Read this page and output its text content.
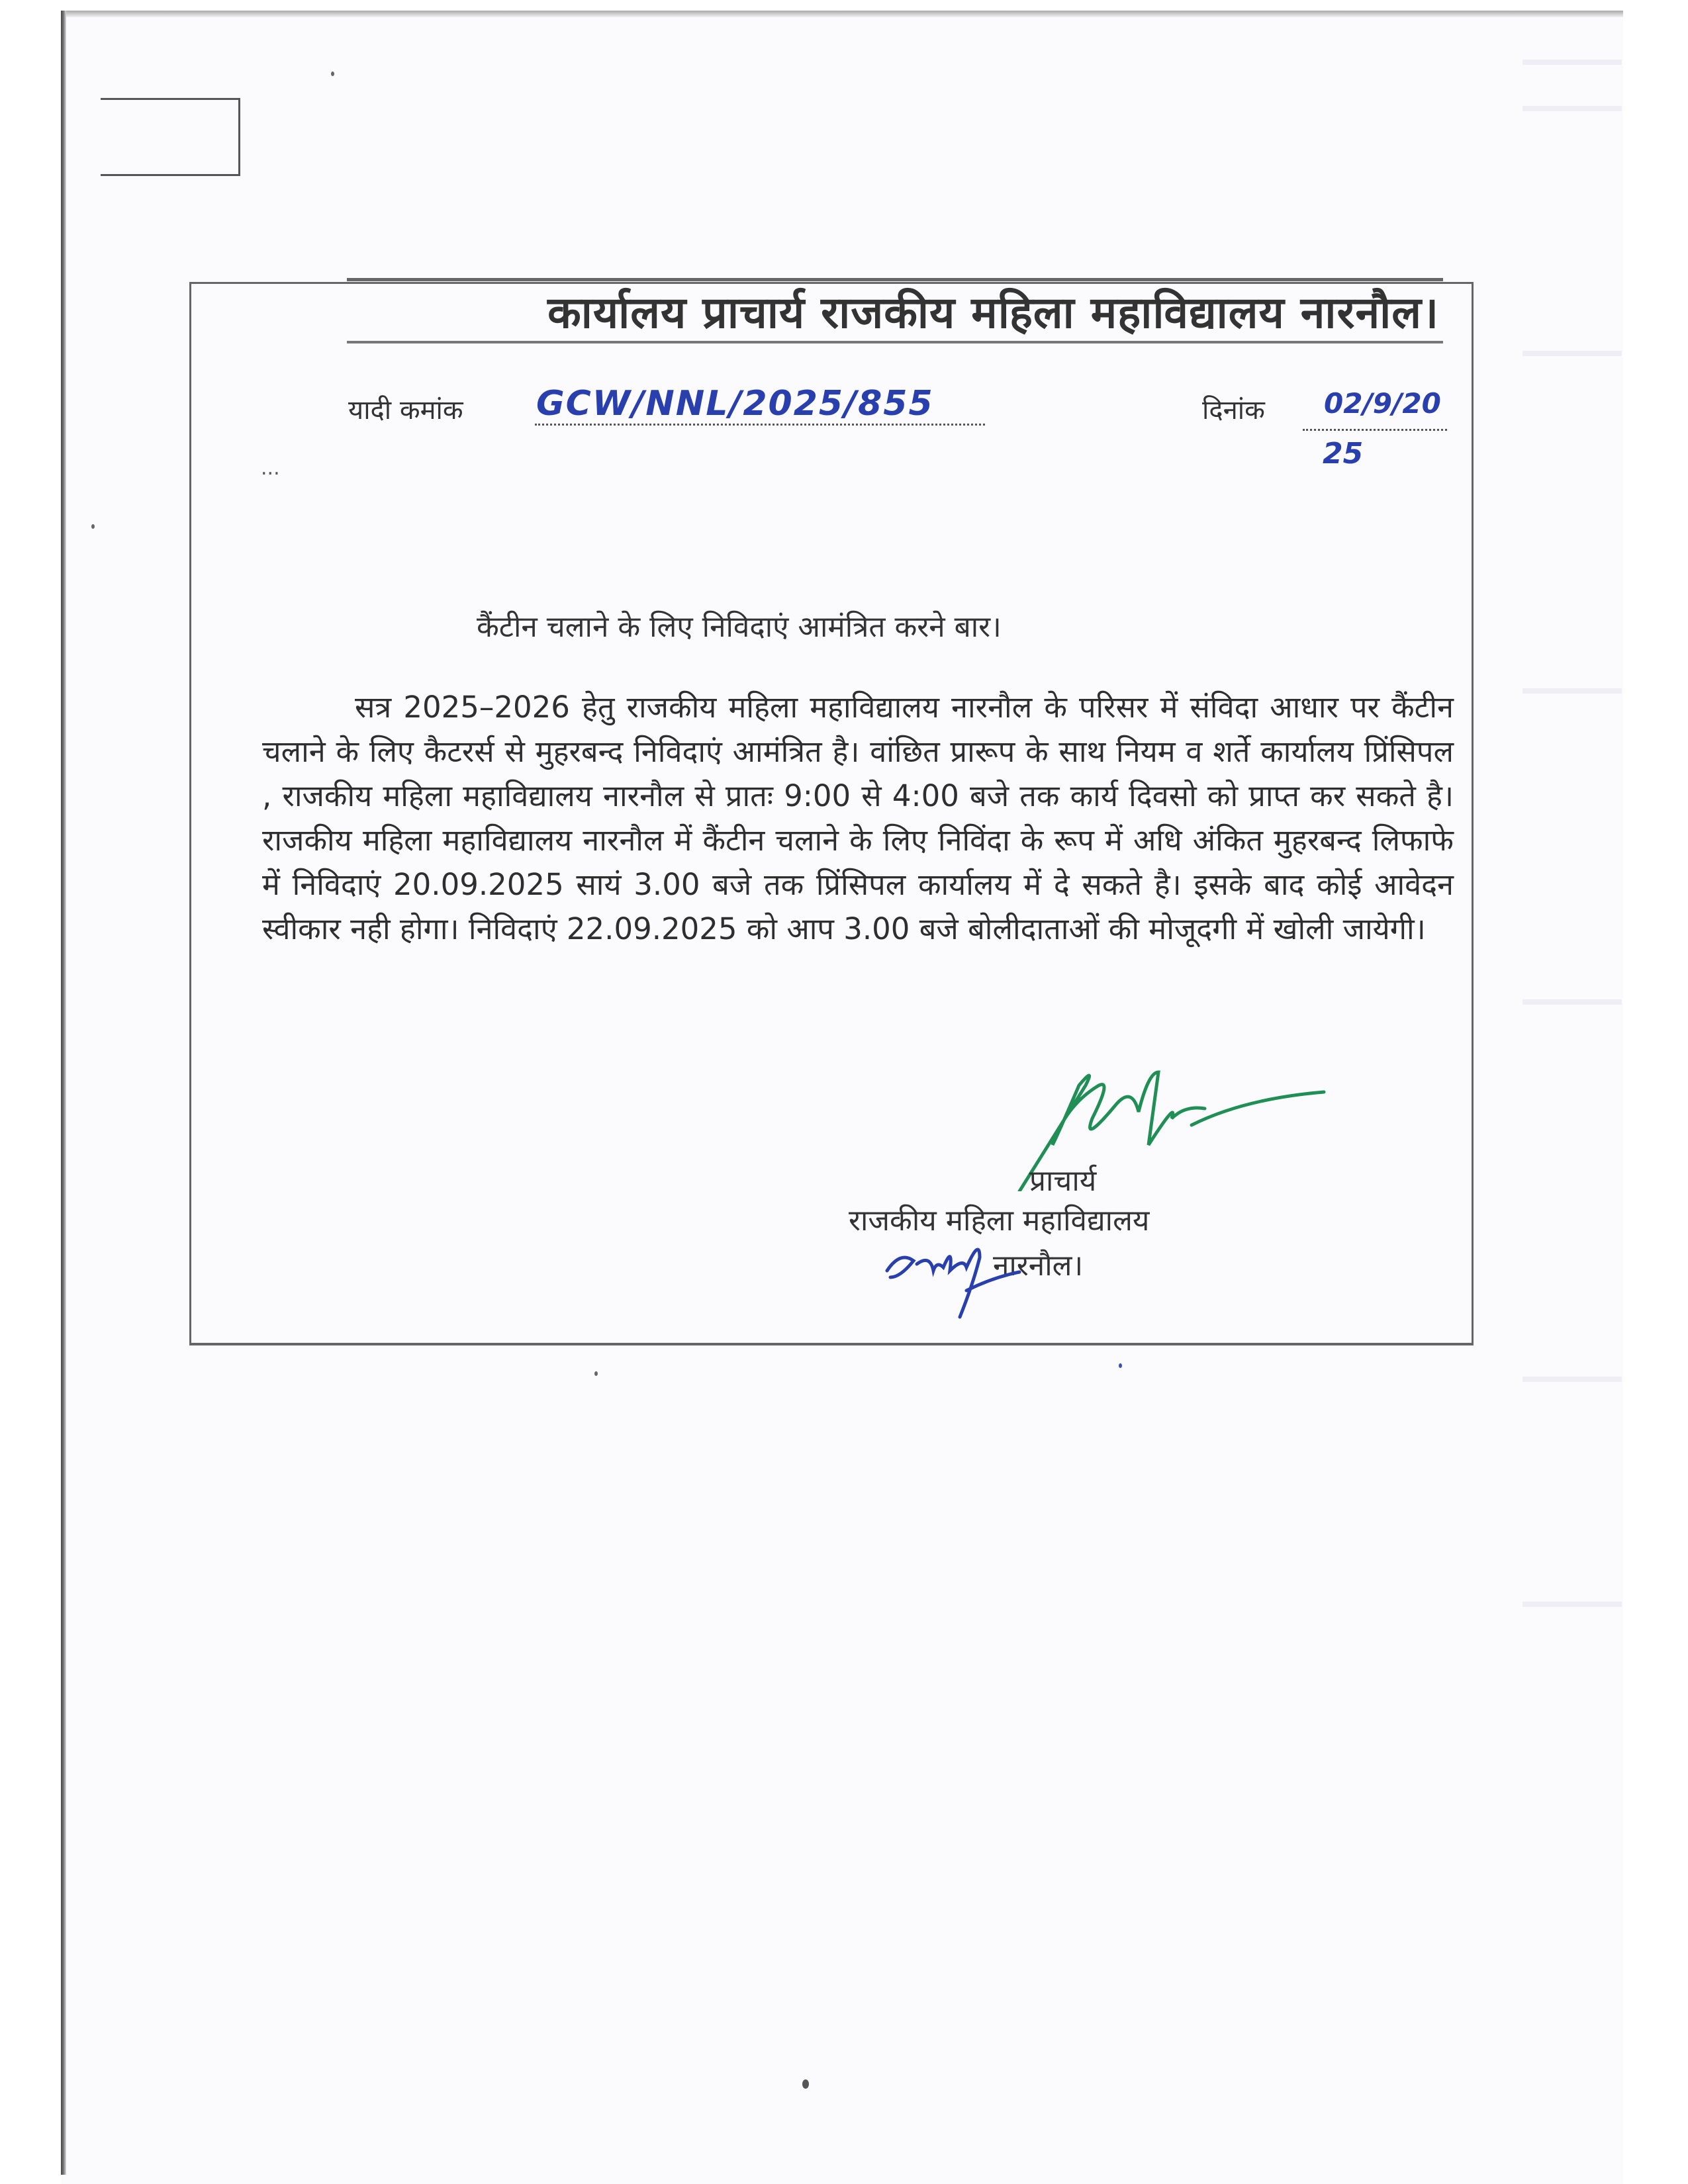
कार्यालय प्राचार्य राजकीय महिला महाविद्यालय नारनौल।
यादी कमांक GCW/NNL/2025/855	दिनांक 02/9/20
25
...
कैंटीन चलाने के लिए निविदाएं आमंत्रित करने बार।
सत्र 2025–2026 हेतु राजकीय महिला महाविद्यालय नारनौल के परिसर में संविदा आधार पर कैंटीन चलाने के लिए कैटरर्स से मुहरबन्द निविदाएं आमंत्रित है। वांछित प्रारूप के साथ नियम व शर्ते कार्यालय प्रिंसिपल , राजकीय महिला महाविद्यालय नारनौल से प्रातः 9:00 से 4:00 बजे तक कार्य दिवसो को प्राप्त कर सकते है। राजकीय महिला महाविद्यालय नारनौल में कैंटीन चलाने के लिए निविंदा के रूप में अधि अंकित मुहरबन्द लिफाफे में निविदाएं 20.09.2025 सायं 3.00 बजे तक प्रिंसिपल कार्यालय में दे सकते है। इसके बाद कोई आवेदन स्वीकार नही होगा। निविदाएं 22.09.2025 को आप 3.00 बजे बोलीदाताओं की मोजूदगी में खोली जायेगी।
प्राचार्य
राजकीय महिला महाविद्यालय
नारनौल।
